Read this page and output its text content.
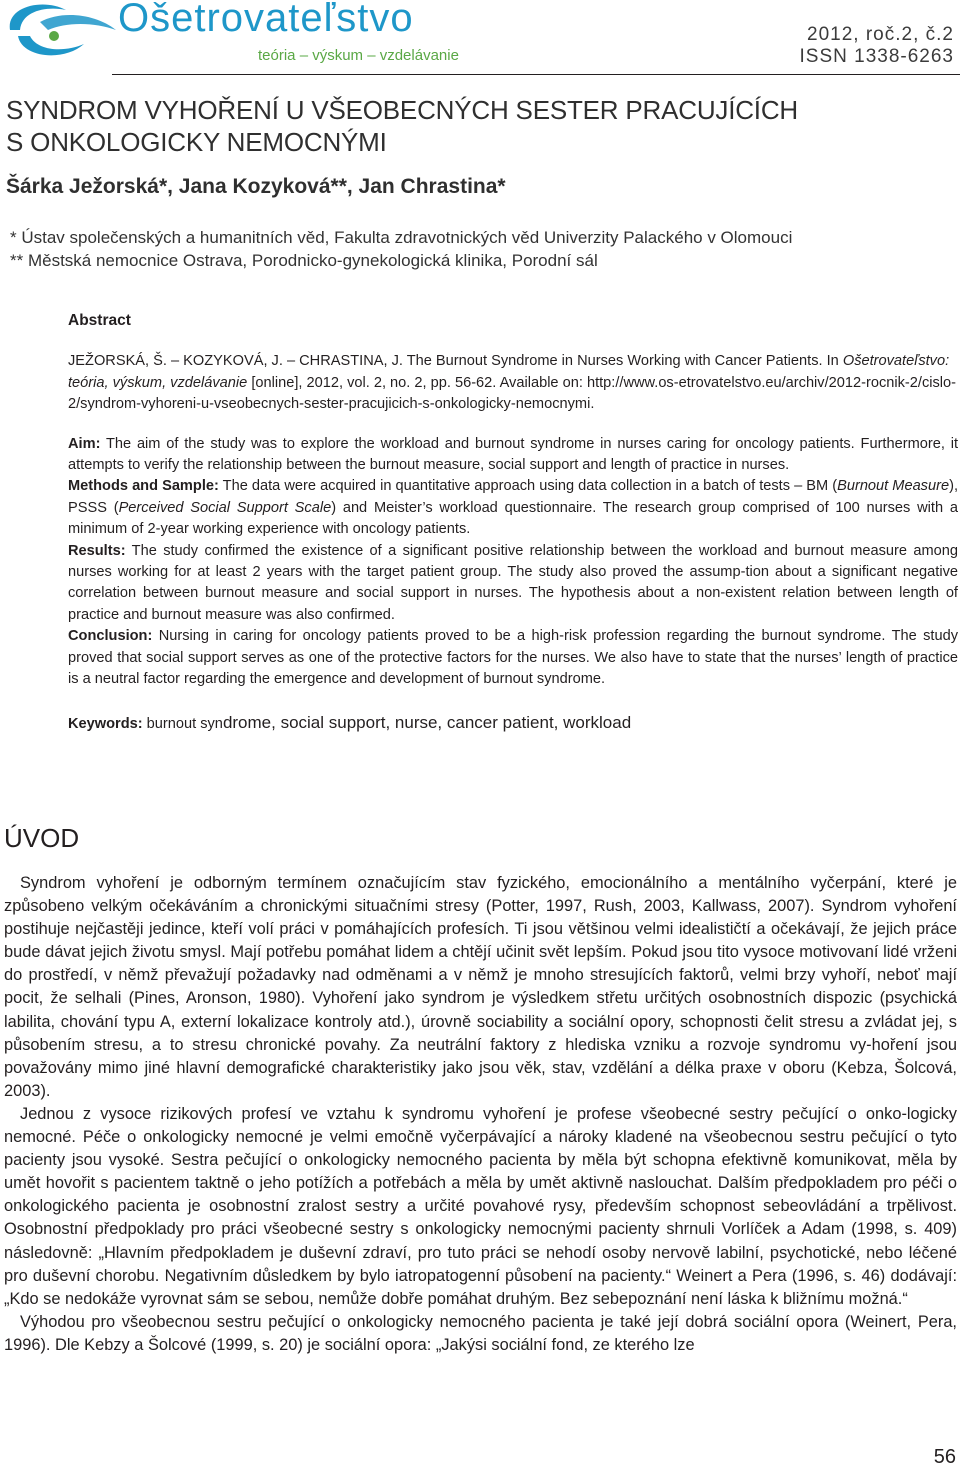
Ošetrovateľstvo
teória – výskum – vzdelávanie
2012, roč.2, č.2
ISSN 1338-6263
SYNDROM VYHOŘENÍ U VŠEOBECNÝCH SESTER PRACUJÍCÍCH
S ONKOLOGICKY NEMOCNÝMI
Šárka Ježorská*, Jana Kozyková**, Jan Chrastina*
* Ústav společenských a humanitních věd, Fakulta zdravotnických věd Univerzity Palackého v Olomouci
** Městská nemocnice Ostrava, Porodnicko-gynekologická klinika, Porodní sál
Abstract

JEŽORSKÁ, Š. – KOZYKOVÁ, J. – CHRASTINA, J. The Burnout Syndrome in Nurses Working with Cancer Patients. In Ošetrovateľstvo: teória, výskum, vzdelávanie [online], 2012, vol. 2, no. 2, pp. 56-62. Available on: http://www.os-etrovatelstvo.eu/archiv/2012-rocnik-2/cislo-2/syndrom-vyhoreni-u-vseobecnych-sester-pracujicich-s-onkologicky-nemocnymi.

Aim: The aim of the study was to explore the workload and burnout syndrome in nurses caring for oncology patients. Furthermore, it attempts to verify the relationship between the burnout measure, social support and length of practice in nurses.

Methods and Sample: The data were acquired in quantitative approach using data collection in a batch of tests – BM (Burnout Measure), PSSS (Perceived Social Support Scale) and Meister’s workload questionnaire. The research group comprised of 100 nurses with a minimum of 2-year working experience with oncology patients.

Results: The study confirmed the existence of a significant positive relationship between the workload and burnout measure among nurses working for at least 2 years with the target patient group. The study also proved the assump-tion about a significant negative correlation between burnout measure and social support in nurses. The hypothesis about a non-existent relation between length of practice and burnout measure was also confirmed.

Conclusion: Nursing in caring for oncology patients proved to be a high-risk profession regarding the burnout syndrome. The study proved that social support serves as one of the protective factors for the nurses. We also have to state that the nurses’ length of practice is a neutral factor regarding the emergence and development of burnout syndrome.

Keywords: burnout syndrome, social support, nurse, cancer patient, workload

ÚVOD

Syndrom vyhoření je odborným termínem označujícím stav fyzického, emocionálního a mentálního vyčerpání, které je způsobeno velkým očekáváním a chronickými situačními stresy (Potter, 1997, Rush, 2003, Kallwass, 2007). Syndrom vyhoření postihuje nejčastěji jedince, kteří volí práci v pomáhajících profesích. Ti jsou většinou velmi idealističtí a očekávají, že jejich práce bude dávat jejich životu smysl. Mají potřebu pomáhat lidem a chtějí učinit svět lepším. Pokud jsou tito vysoce motivovaní lidé vrženi do prostředí, v němž převažují požadavky nad odměnami a v němž je mnoho stresujících faktorů, velmi brzy vyhoří, neboť mají pocit, že selhali (Pines, Aronson, 1980). Vyhoření jako syndrom je výsledkem střetu určitých osobnostních dispozic (psychická labilita, chování typu A, externí lokalizace kontroly atd.), úrovně sociability a sociální opory, schopnosti čelit stresu a zvládat jej, s působením stresu, a to stresu chronické povahy. Za neutrální faktory z hlediska vzniku a rozvoje syndromu vy-hoření jsou považovány mimo jiné hlavní demografické charakteristiky jako jsou věk, stav, vzdělání a délka praxe v oboru (Kebza, Šolcová, 2003).

Jednou z vysoce rizikových profesí ve vztahu k syndromu vyhoření je profese všeobecné sestry pečující o onko-logicky nemocné. Péče o onkologicky nemocné je velmi emočně vyčerpávající a nároky kladené na všeobecnou sestru pečující o tyto pacienty jsou vysoké. Sestra pečující o onkologicky nemocného pacienta by měla být schopna efektivně komunikovat, měla by umět hovořit s pacientem taktně o jeho potížích a potřebách a měla by umět aktivně naslouchat. Dalším předpokladem pro péči o onkologického pacienta je osobnostní zralost sestry a určité povahové rysy, především schopnost sebeovládání a trpělivost. Osobnostní předpoklady pro práci všeobecné sestry s onkologicky nemocnými pacienty shrnuli Vorlíček a Adam (1998, s. 409) následovně: „Hlavním předpokladem je duševní zdraví, pro tuto práci se nehodí osoby nervově labilní, psychotické, nebo léčené pro duševní chorobu. Negativním důsledkem by bylo iatropatogenní působení na pacienty.“ Weinert a Pera (1996, s. 46) dodávají: „Kdo se nedokáže vyrovnat sám se sebou, nemůže dobře pomáhat druhým. Bez sebepoznání není láska k bližnímu možná.“

Výhodou pro všeobecnou sestru pečující o onkologicky nemocného pacienta je také její dobrá sociální opora (Weinert, Pera, 1996). Dle Kebzy a Šolcové (1999, s. 20) je sociální opora: „Jakýsi sociální fond, ze kterého lze

56
